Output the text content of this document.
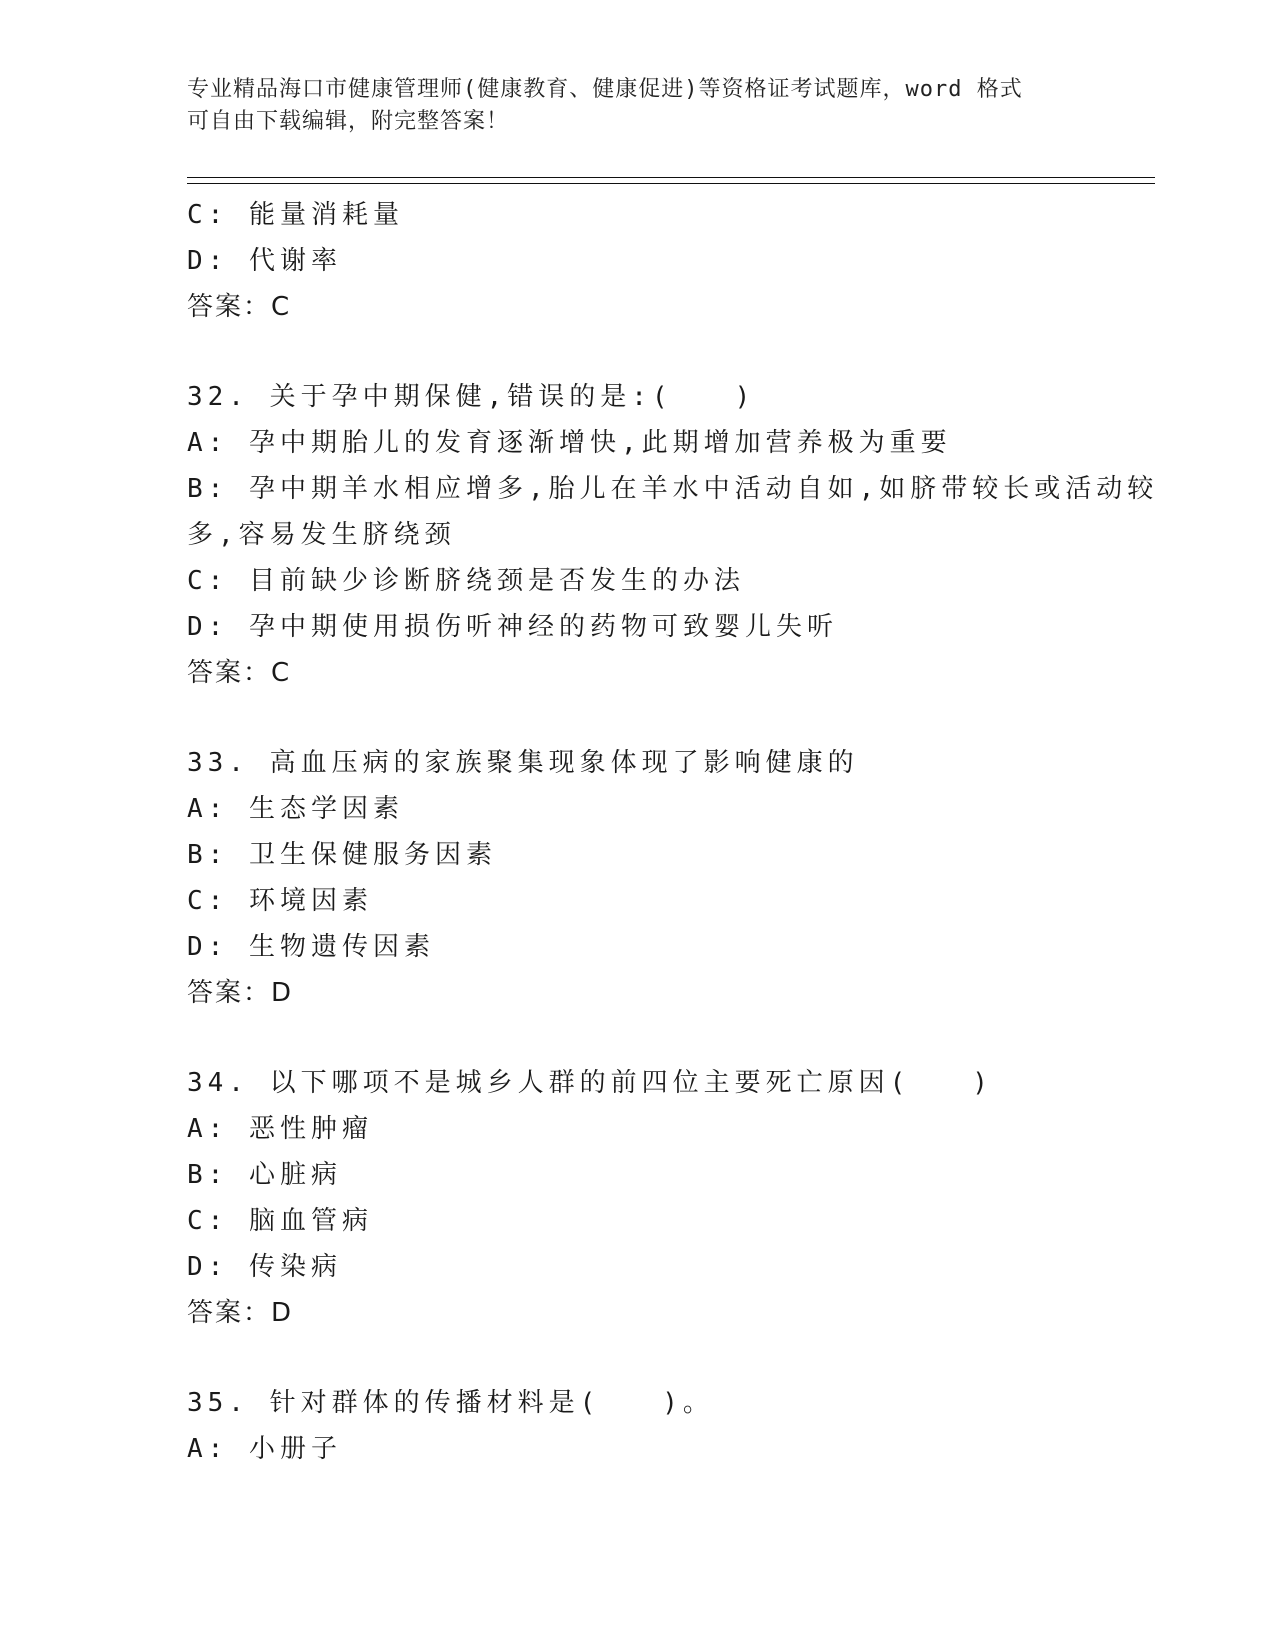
专业精品海口市健康管理师(健康教育、健康促进)等资格证考试题库，word 格式
可自由下载编辑，附完整答案！
C: 能量消耗量
D: 代谢率
答案：C
32. 关于孕中期保健,错误的是:(　　)
A: 孕中期胎儿的发育逐渐增快,此期增加营养极为重要
B: 孕中期羊水相应增多,胎儿在羊水中活动自如,如脐带较长或活动较
多,容易发生脐绕颈
C: 目前缺少诊断脐绕颈是否发生的办法
D: 孕中期使用损伤听神经的药物可致婴儿失听
答案：C
33. 高血压病的家族聚集现象体现了影响健康的
A: 生态学因素
B: 卫生保健服务因素
C: 环境因素
D: 生物遗传因素
答案：D
34. 以下哪项不是城乡人群的前四位主要死亡原因(　　)
A: 恶性肿瘤
B: 心脏病
C: 脑血管病
D: 传染病
答案：D
35. 针对群体的传播材料是(　　)。
A: 小册子
